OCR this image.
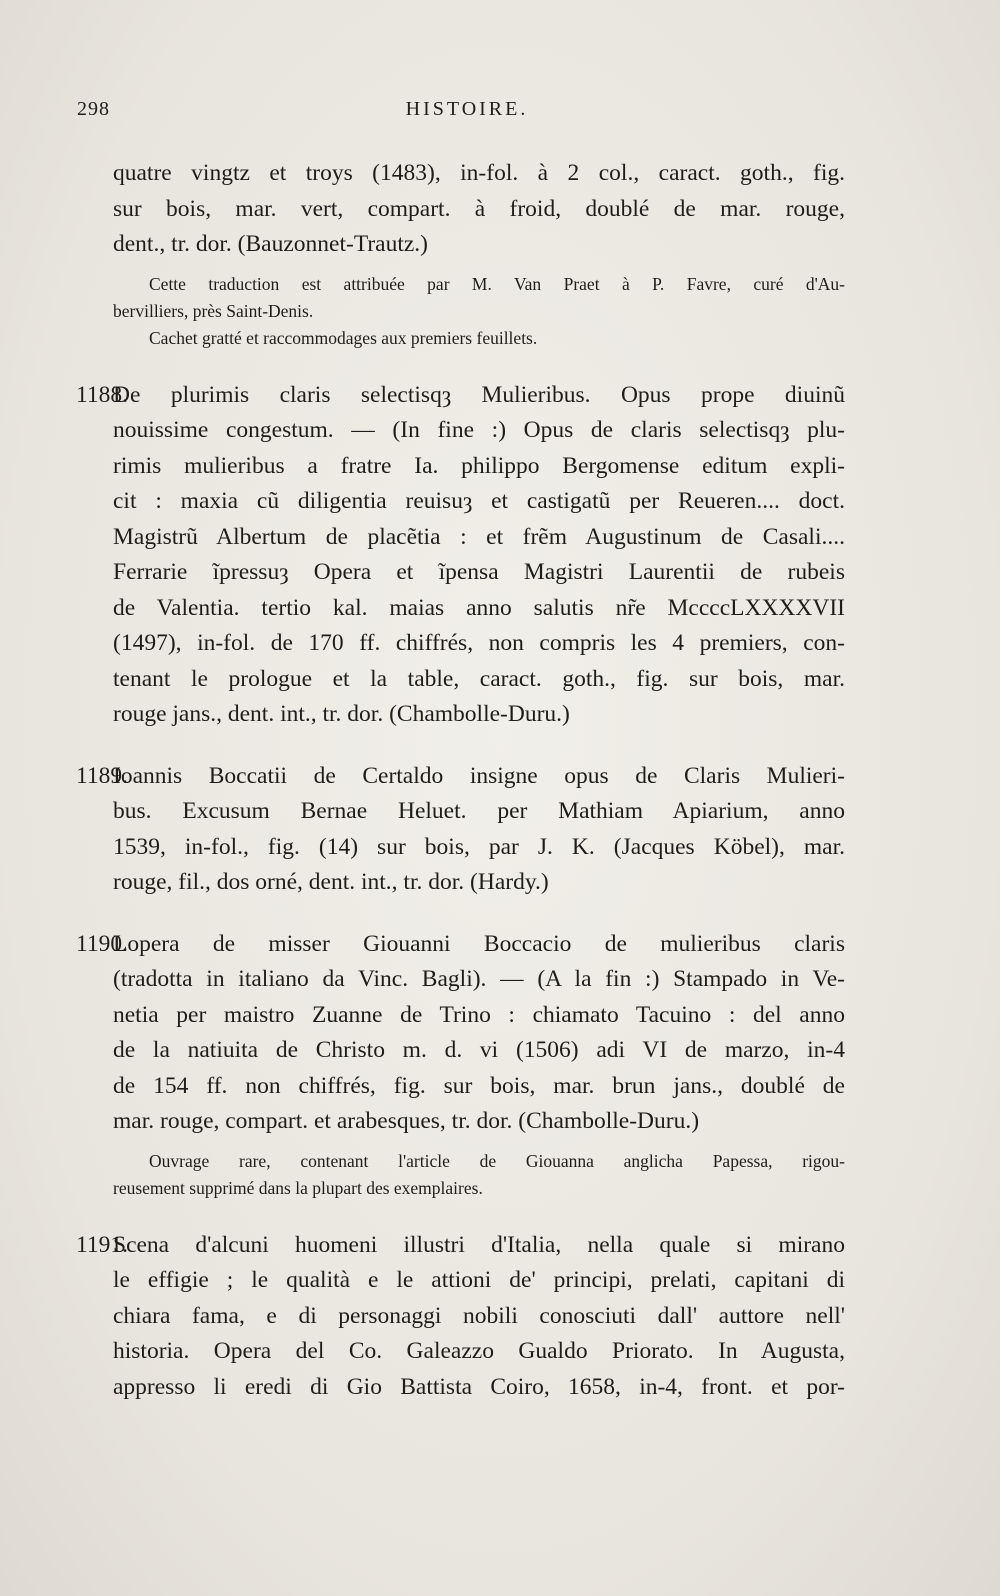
298	HISTOIRE.
quatre vingtz et troys (1483), in-fol. à 2 col., caract. goth., fig.
sur bois, mar. vert, compart. à froid, doublé de mar. rouge,
dent., tr. dor. (Bauzonnet-Trautz.)
Cette traduction est attribuée par M. Van Praet à P. Favre, curé d'Au-
bervilliers, près Saint-Denis.
Cachet gratté et raccommodages aux premiers feuillets.
1188.
De plurimis claris selectisqȝ Mulieribus. Opus prope diuinũ
nouissime congestum. — (In fine :) Opus de claris selectisqȝ plu-
rimis mulieribus a fratre Ia. philippo Bergomense editum expli-
cit : maxia cũ diligentia reuisuȝ et castigatũ per Reueren.... doct.
Magistrũ Albertum de placẽtia : et frẽm Augustinum de Casali....
Ferrarie ĩpressuȝ Opera et ĩpensa Magistri Laurentii de rubeis
de Valentia. tertio kal. maias anno salutis nr̃e MccccLXXXXVII
(1497), in-fol. de 170 ff. chiffrés, non compris les 4 premiers, con-
tenant le prologue et la table, caract. goth., fig. sur bois, mar.
rouge jans., dent. int., tr. dor. (Chambolle-Duru.)
1189.
Ioannis Boccatii de Certaldo insigne opus de Claris Mulieri-
bus. Excusum Bernae Heluet. per Mathiam Apiarium, anno
1539, in-fol., fig. (14) sur bois, par J. K. (Jacques Köbel), mar.
rouge, fil., dos orné, dent. int., tr. dor. (Hardy.)
1190.
Lopera de misser Giouanni Boccacio de mulieribus claris
(tradotta in italiano da Vinc. Bagli). — (A la fin :) Stampado in Ve-
netia per maistro Zuanne de Trino : chiamato Tacuino : del anno
de la natiuita de Christo m. d. vi (1506) adi VI de marzo, in-4
de 154 ff. non chiffrés, fig. sur bois, mar. brun jans., doublé de
mar. rouge, compart. et arabesques, tr. dor. (Chambolle-Duru.)
Ouvrage rare, contenant l'article de Giouanna anglicha Papessa, rigou-
reusement supprimé dans la plupart des exemplaires.
1191.
Scena d'alcuni huomeni illustri d'Italia, nella quale si mirano
le effigie ; le qualità e le attioni de' principi, prelati, capitani di
chiara fama, e di personaggi nobili conosciuti dall' auttore nell'
historia. Opera del Co. Galeazzo Gualdo Priorato. In Augusta,
appresso li eredi di Gio Battista Coiro, 1658, in-4, front. et por-
